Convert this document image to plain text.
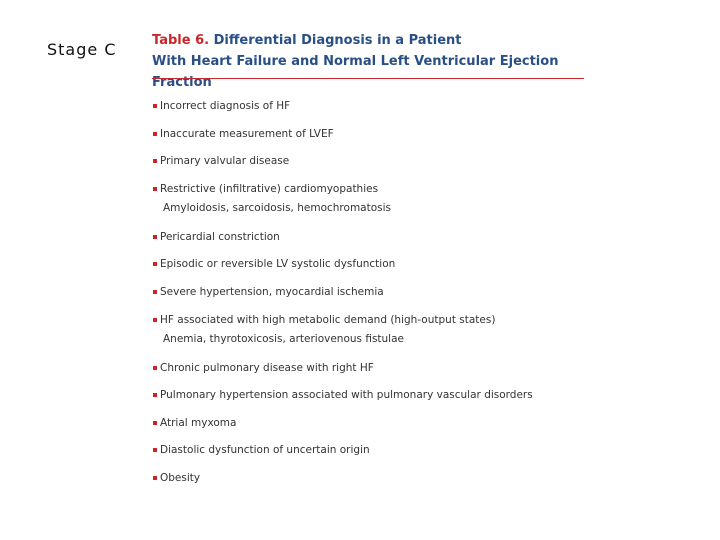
Stage C	Table 6. Differential Diagnosis in a Patient
With Heart Failure and Normal Left Ventricular Ejection Fraction
Incorrect diagnosis of HF
Inaccurate measurement of LVEF
Primary valvular disease
Restrictive (infiltrative) cardiomyopathies
Amyloidosis, sarcoidosis, hemochromatosis
Pericardial constriction
Episodic or reversible LV systolic dysfunction
Severe hypertension, myocardial ischemia
HF associated with high metabolic demand (high-output states)
Anemia, thyrotoxicosis, arteriovenous fistulae
Chronic pulmonary disease with right HF
Pulmonary hypertension associated with pulmonary vascular disorders
Atrial myxoma
Diastolic dysfunction of uncertain origin
Obesity
